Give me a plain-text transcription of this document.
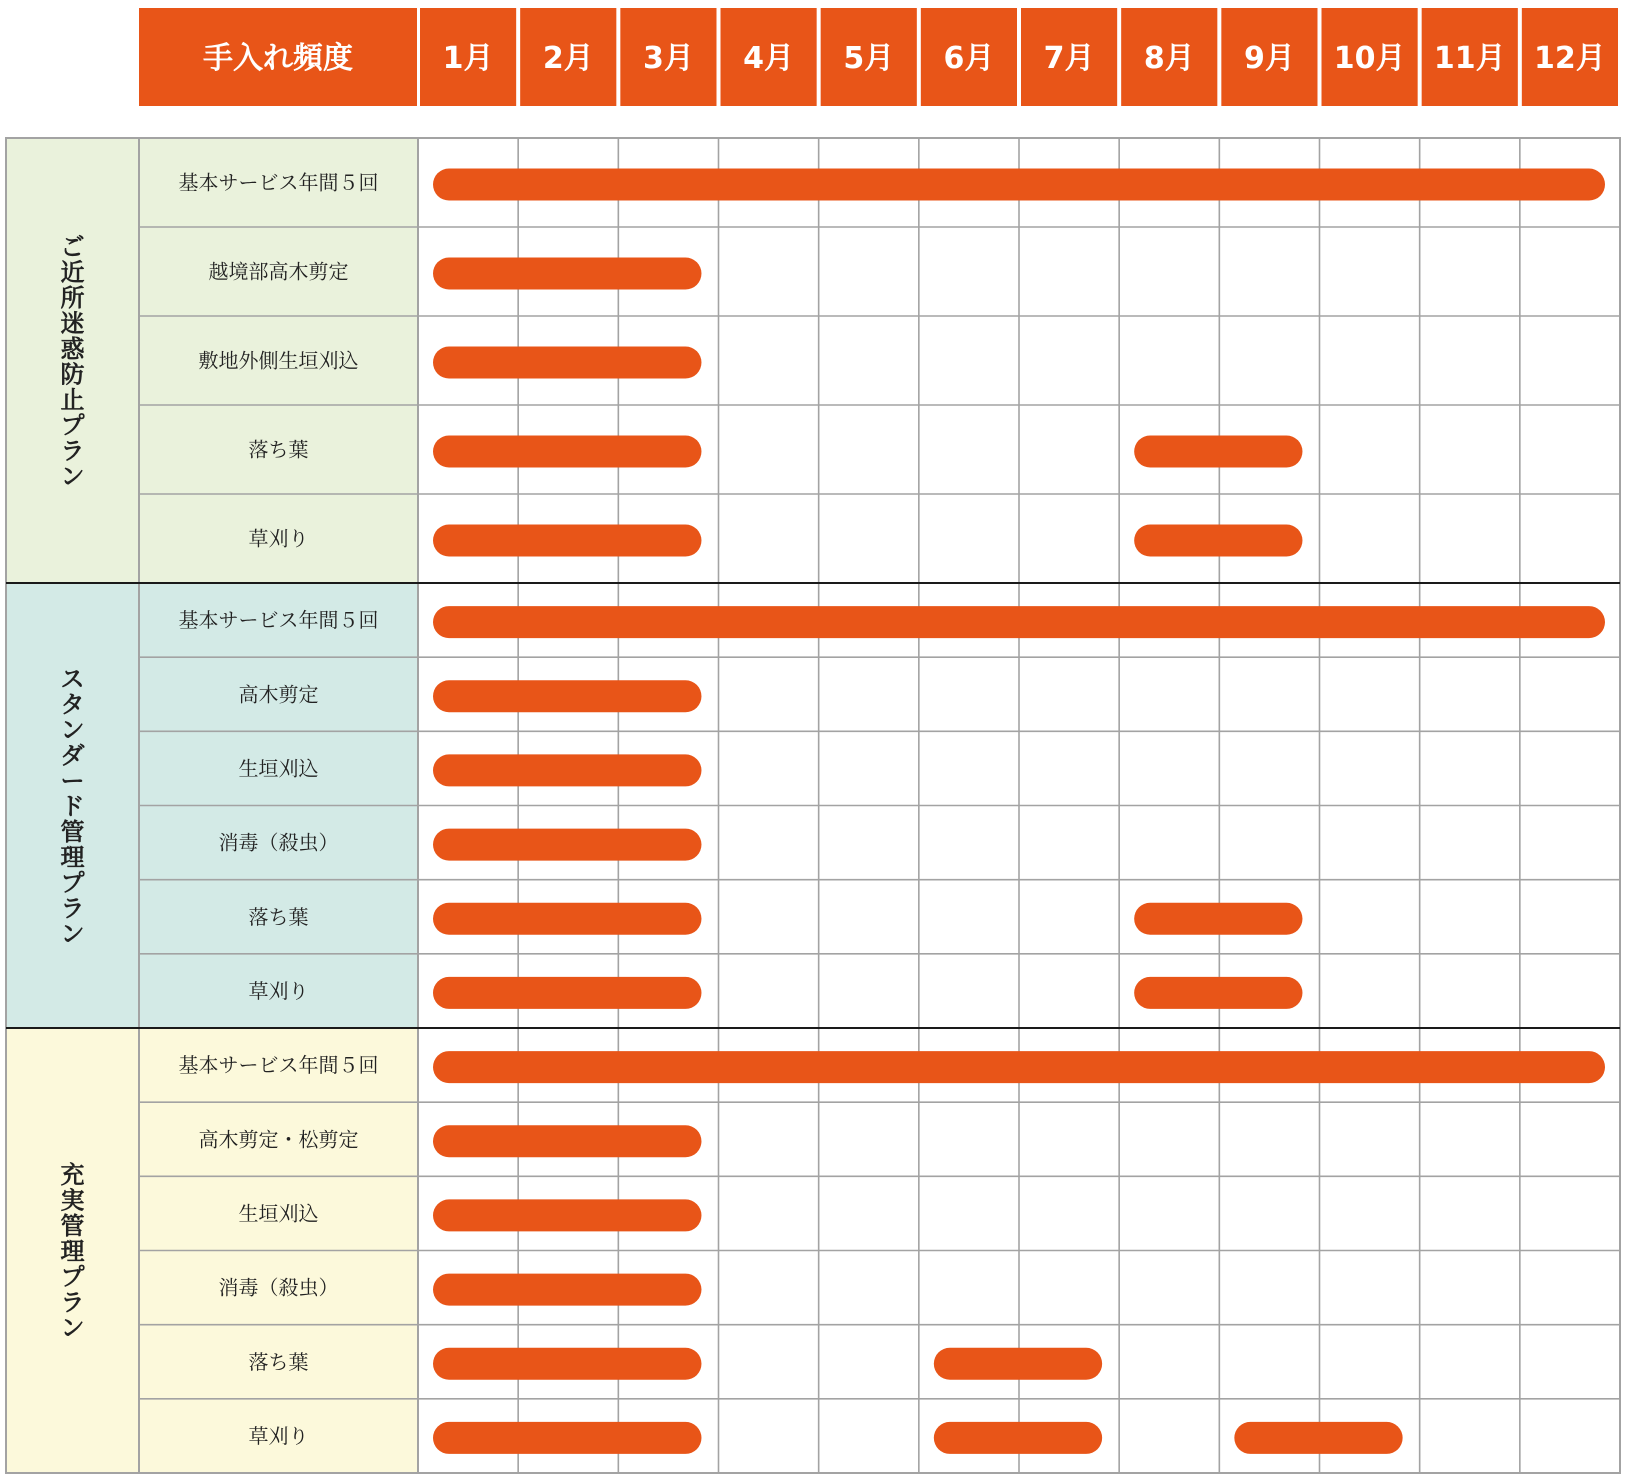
手入れ頻度	1月 2月 3月 4月 5月 6月 7月 8月 9月 10月 11月 12月
ご近所迷惑防止プラン
基本サービス年間５回
越境部高木剪定
敷地外側生垣刈込
落ち葉
草刈り
スタンダード管理プラン
基本サービス年間５回
高木剪定
生垣刈込
消毒（殺虫）
落ち葉
草刈り
充実管理プラン
基本サービス年間５回
高木剪定・松剪定
生垣刈込
消毒（殺虫）
落ち葉
草刈り
